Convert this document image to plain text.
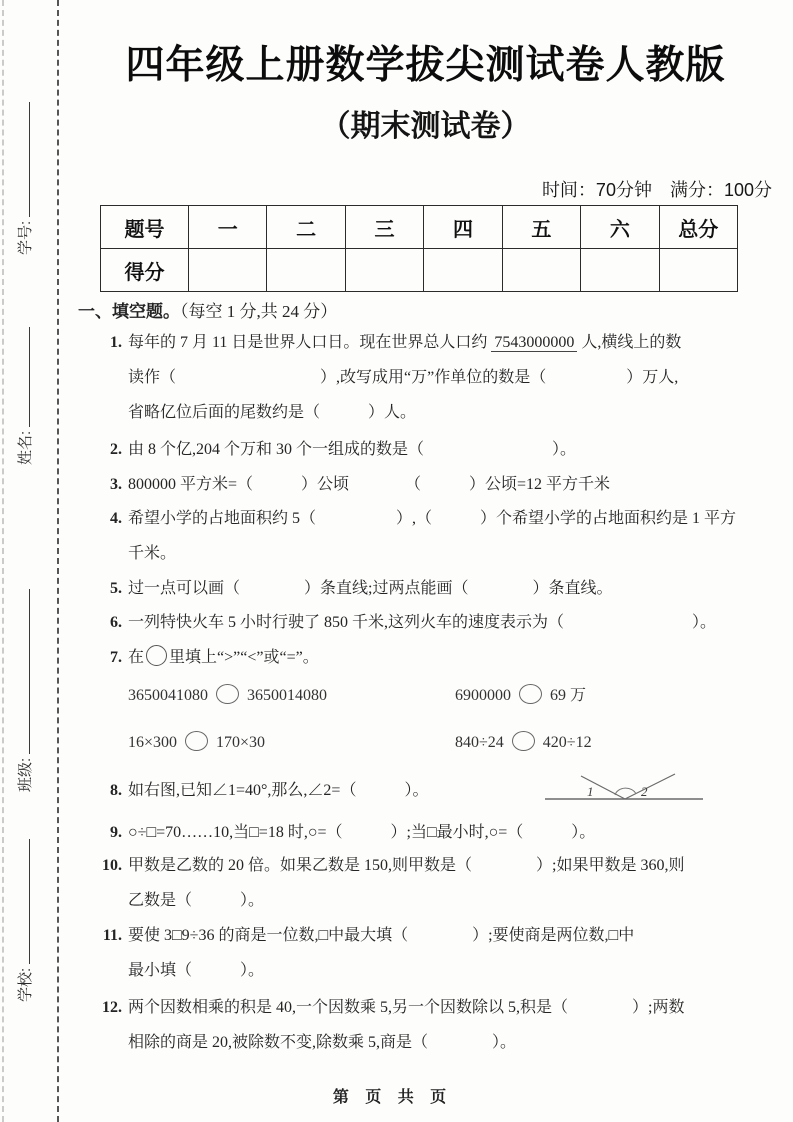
学号:
姓名:
班级:
学校:
四年级上册数学拔尖测试卷人教版
（期末测试卷）
时间：70分钟　满分：100分
题号	一	二	三	四	五	六	总分
得分							
一、填空题。（每空 1 分,共 24 分）
1. 每年的 7 月 11 日是世界人口日。现在世界总人口约 7543000000 人,横线上的数
读作（　　　　　　　　　）,改写成用“万”作单位的数是（　　　　　）万人,
省略亿位后面的尾数约是（　　　）人。
2. 由 8 个亿,204 个万和 30 个一组成的数是（　　　　　　　　）。
3. 800000 平方米=（　　　）公顷　　　　（　　　）公顷=12 平方千米
4. 希望小学的占地面积约 5（　　　　　）,（　　　）个希望小学的占地面积约是 1 平方
千米。
5. 过一点可以画（　　　　）条直线;过两点能画（　　　　）条直线。
6. 一列特快火车 5 小时行驶了 850 千米,这列火车的速度表示为（　　　　　　　　）。
7. 在 里填上“>”“<”或“=”。
3650041080 3650014080	6900000 69 万
16×300 170×30	840÷24 420÷12
8. 如右图,已知∠1=40°,那么,∠2=（　　　）。	1	2
9. ○÷□=70……10,当□=18 时,○=（　　　）;当□最小时,○=（　　　）。
10. 甲数是乙数的 20 倍。如果乙数是 150,则甲数是（　　　　）;如果甲数是 360,则
乙数是（　　　）。
11. 要使 3□9÷36 的商是一位数,□中最大填（　　　　）;要使商是两位数,□中
最小填（　　　）。
12. 两个因数相乘的积是 40,一个因数乘 5,另一个因数除以 5,积是（　　　　）;两数
相除的商是 20,被除数不变,除数乘 5,商是（　　　　）。
第 页 共 页
